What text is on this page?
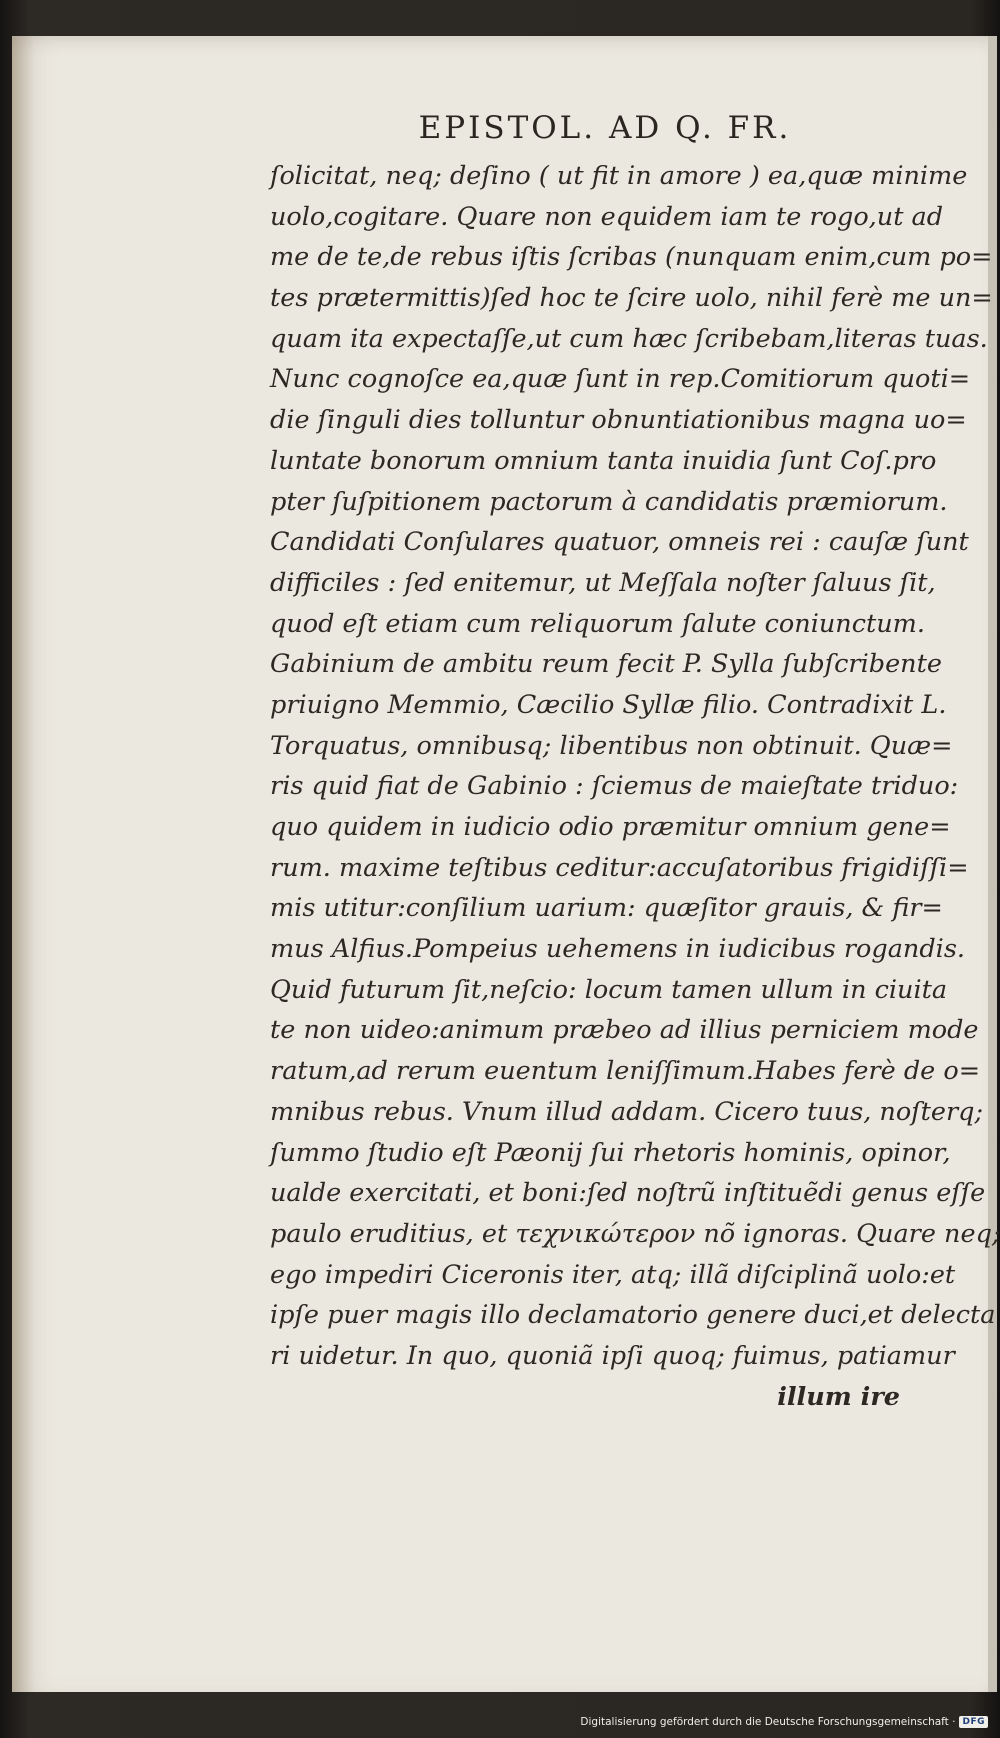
EPISTOL. AD Q. FR.
ſolicitat, neq; deſino ( ut fit in amore ) ea,quæ minime
uolo,cogitare. Quare non equidem iam te rogo,ut ad
me de te,de rebus iſtis ſcribas (nunquam enim,cum po=
tes prætermittis)ſed hoc te ſcire uolo, nihil ferè me un=
quam ita expectaſſe,ut cum hæc ſcribebam,literas tuas.
Nunc cognoſce ea,quæ ſunt in rep.Comitiorum quoti=
die ſinguli dies tolluntur obnuntiationibus magna uo=
luntate bonorum omnium tanta inuidia ſunt Coſ.pro
pter ſuſpitionem pactorum à candidatis præmiorum.
Candidati Conſulares quatuor, omneis rei : cauſæ ſunt
difficiles : ſed enitemur, ut Meſſala noſter ſaluus ſit,
quod eſt etiam cum reliquorum ſalute coniunctum.
Gabinium de ambitu reum fecit P. Sylla ſubſcribente
priuigno Memmio, Cæcilio Syllæ filio. Contradixit L.
Torquatus, omnibusq; libentibus non obtinuit. Quæ=
ris quid fiat de Gabinio : ſciemus de maieſtate triduo:
quo quidem in iudicio odio præmitur omnium gene=
rum. maxime teſtibus ceditur:accuſatoribus frigidiſſi=
mis utitur:conſilium uarium: quæſitor grauis, & fir=
mus Alfius.Pompeius uehemens in iudicibus rogandis.
Quid futurum ſit,neſcio: locum tamen ullum in ciuita
te non uideo:animum præbeo ad illius perniciem mode
ratum,ad rerum euentum leniſſimum.Habes ferè de o=
mnibus rebus. Vnum illud addam. Cicero tuus, noſterq;
ſummo ſtudio eſt Pæonij ſui rhetoris hominis, opinor,
ualde exercitati, et boni:ſed noſtrũ inſtituẽdi genus eſſe
paulo eruditius, et τεχνικώτερον nõ ignoras. Quare neq;
ego impediri Ciceronis iter, atq; illã diſciplinã uolo:et
ipſe puer magis illo declamatorio genere duci,et delecta
ri uidetur. In quo, quoniã ipſi quoq; fuimus, patiamur
illum ire
Digitalisierung gefördert durch die Deutsche Forschungsgemeinschaft · DFG
